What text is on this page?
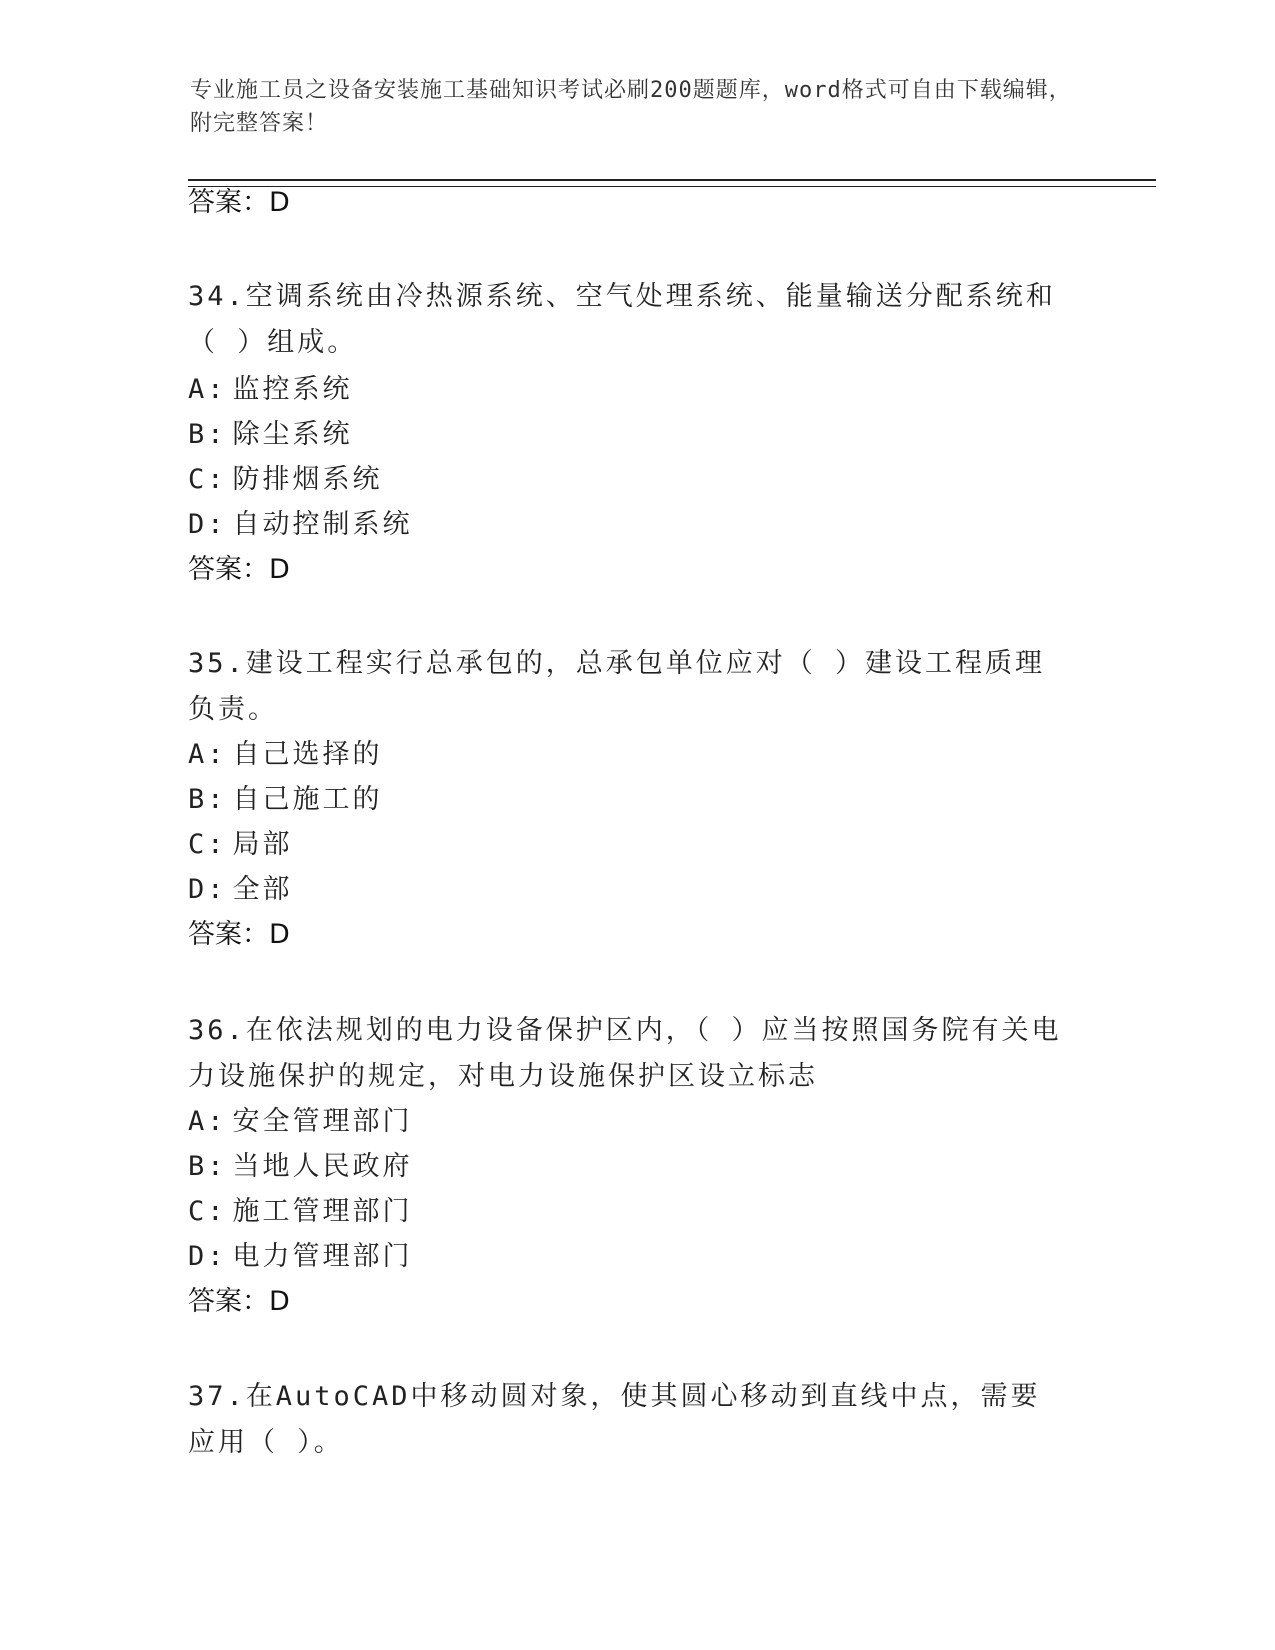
专业施工员之设备安装施工基础知识考试必刷200题题库，word格式可自由下载编辑，附完整答案！
答案：D
34.空调系统由冷热源系统、空气处理系统、能量输送分配系统和（ ）组成。
A: 监控系统
B: 除尘系统
C: 防排烟系统
D: 自动控制系统
答案：D
35.建设工程实行总承包的，总承包单位应对（ ）建设工程质理负责。
A: 自己选择的
B: 自己施工的
C: 局部
D: 全部
答案：D
36.在依法规划的电力设备保护区内，（ ）应当按照国务院有关电力设施保护的规定，对电力设施保护区设立标志
A: 安全管理部门
B: 当地人民政府
C: 施工管理部门
D: 电力管理部门
答案：D
37.在AutoCAD中移动圆对象，使其圆心移动到直线中点，需要应用（ ）。
